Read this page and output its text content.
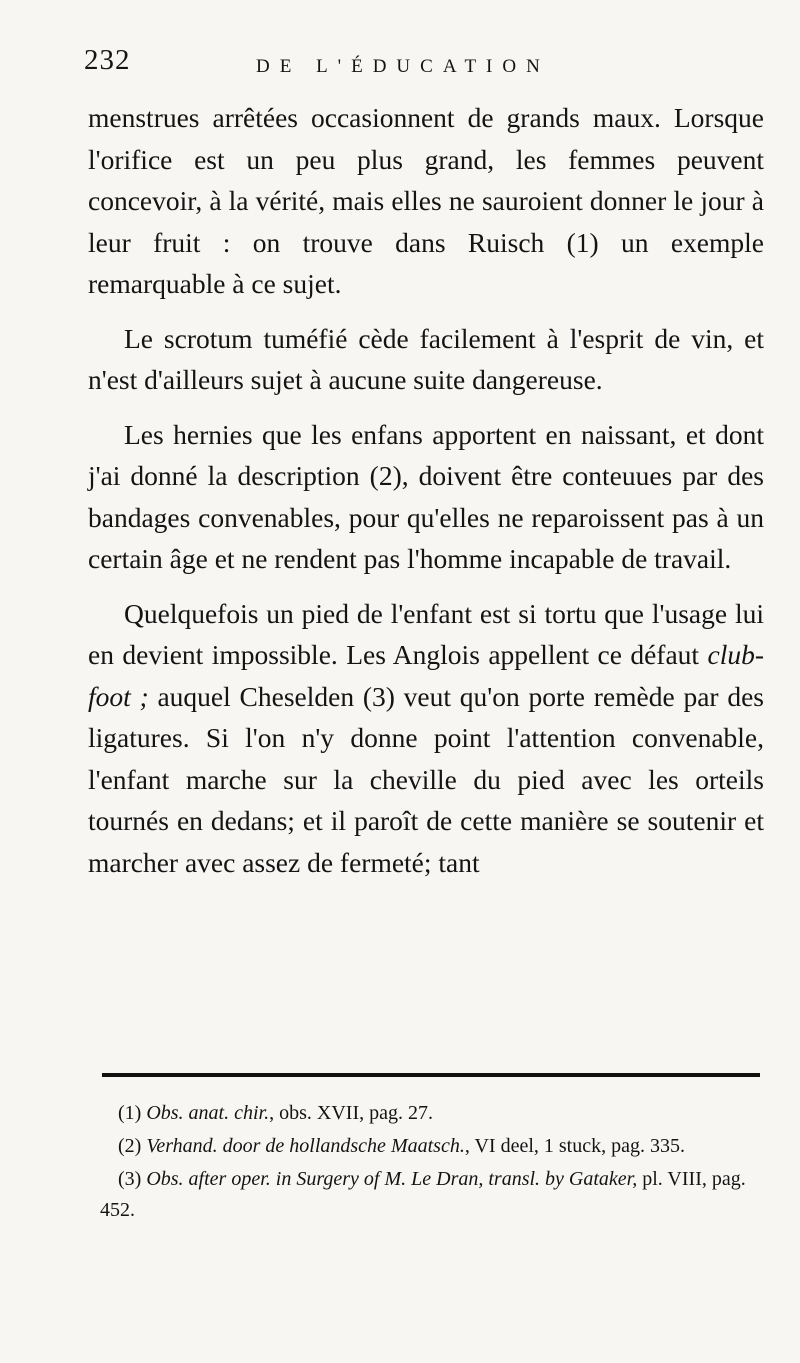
232	DE L'ÉDUCATION

menstrues arrêtées occasionnent de grands maux. Lorsque l'orifice est un peu plus grand, les femmes peuvent concevoir, à la vérité, mais elles ne sauroient donner le jour à leur fruit : on trouve dans Ruisch (1) un exemple remarquable à ce sujet.

Le scrotum tuméfié cède facilement à l'esprit de vin, et n'est d'ailleurs sujet à aucune suite dangereuse.

Les hernies que les enfans apportent en naissant, et dont j'ai donné la description (2), doivent être conteuues par des bandages convenables, pour qu'elles ne reparoissent pas à un certain âge et ne rendent pas l'homme incapable de travail.

Quelquefois un pied de l'enfant est si tortu que l'usage lui en devient impossible. Les Anglois appellent ce défaut club-foot ; auquel Cheselden (3) veut qu'on porte remède par des ligatures. Si l'on n'y donne point l'attention convenable, l'enfant marche sur la cheville du pied avec les orteils tournés en dedans; et il paroît de cette manière se soutenir et marcher avec assez de fermeté; tant

(1) Obs. anat. chir., obs. XVII, pag. 27.

(2) Verhand. door de hollandsche Maatsch., VI deel, 1 stuck, pag. 335.

(3) Obs. after oper. in Surgery of M. Le Dran, transl. by Gataker, pl. VIII, pag. 452.
